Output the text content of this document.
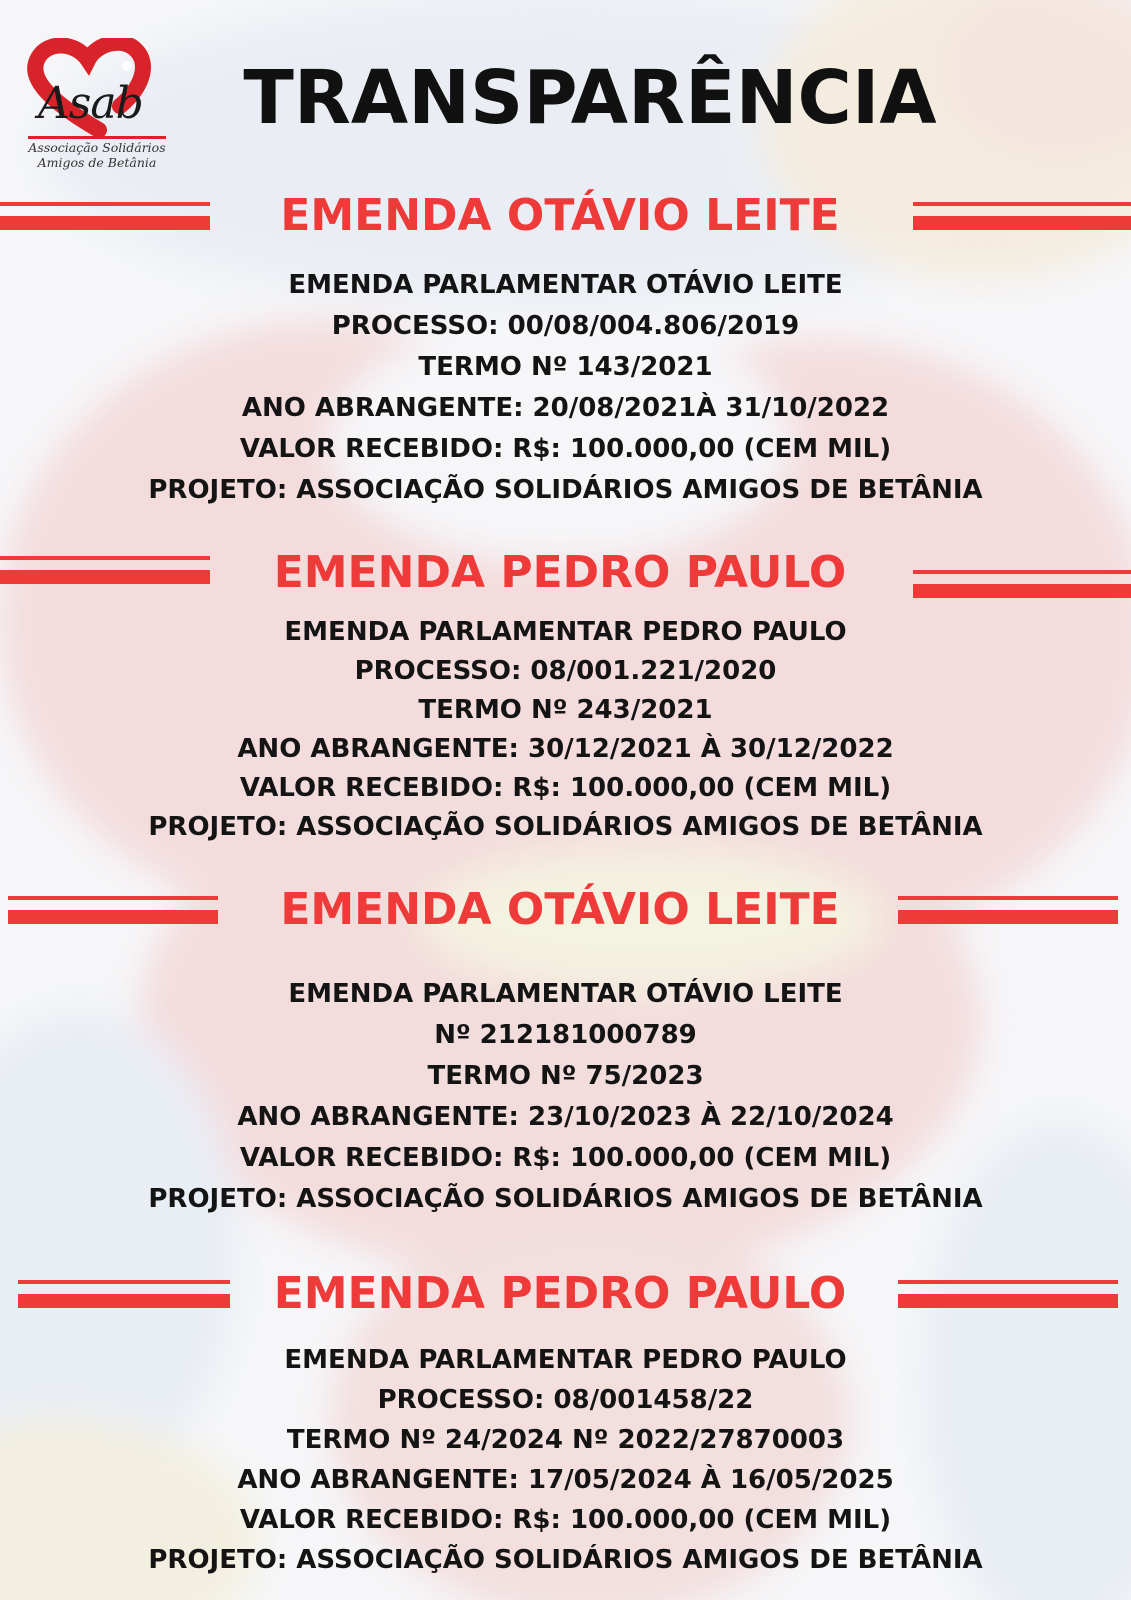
Asab
Associação Solidários
Amigos de Betânia
TRANSPARÊNCIA
EMENDA OTÁVIO LEITE
EMENDA PARLAMENTAR OTÁVIO LEITE
PROCESSO: 00/08/004.806/2019
TERMO Nº 143/2021
ANO ABRANGENTE: 20/08/2021À 31/10/2022
VALOR RECEBIDO: R$: 100.000,00 (CEM MIL)
PROJETO: ASSOCIAÇÃO SOLIDÁRIOS AMIGOS DE BETÂNIA
EMENDA PEDRO PAULO
EMENDA PARLAMENTAR PEDRO PAULO
PROCESSO: 08/001.221/2020
TERMO Nº 243/2021
ANO ABRANGENTE: 30/12/2021 À 30/12/2022
VALOR RECEBIDO: R$: 100.000,00 (CEM MIL)
PROJETO: ASSOCIAÇÃO SOLIDÁRIOS AMIGOS DE BETÂNIA
EMENDA OTÁVIO LEITE
EMENDA PARLAMENTAR OTÁVIO LEITE
Nº 212181000789
TERMO Nº 75/2023
ANO ABRANGENTE: 23/10/2023 À 22/10/2024
VALOR RECEBIDO: R$: 100.000,00 (CEM MIL)
PROJETO: ASSOCIAÇÃO SOLIDÁRIOS AMIGOS DE BETÂNIA
EMENDA PEDRO PAULO
EMENDA PARLAMENTAR PEDRO PAULO
PROCESSO: 08/001458/22
TERMO Nº 24/2024 Nº 2022/27870003
ANO ABRANGENTE: 17/05/2024 À 16/05/2025
VALOR RECEBIDO: R$: 100.000,00 (CEM MIL)
PROJETO: ASSOCIAÇÃO SOLIDÁRIOS AMIGOS DE BETÂNIA
